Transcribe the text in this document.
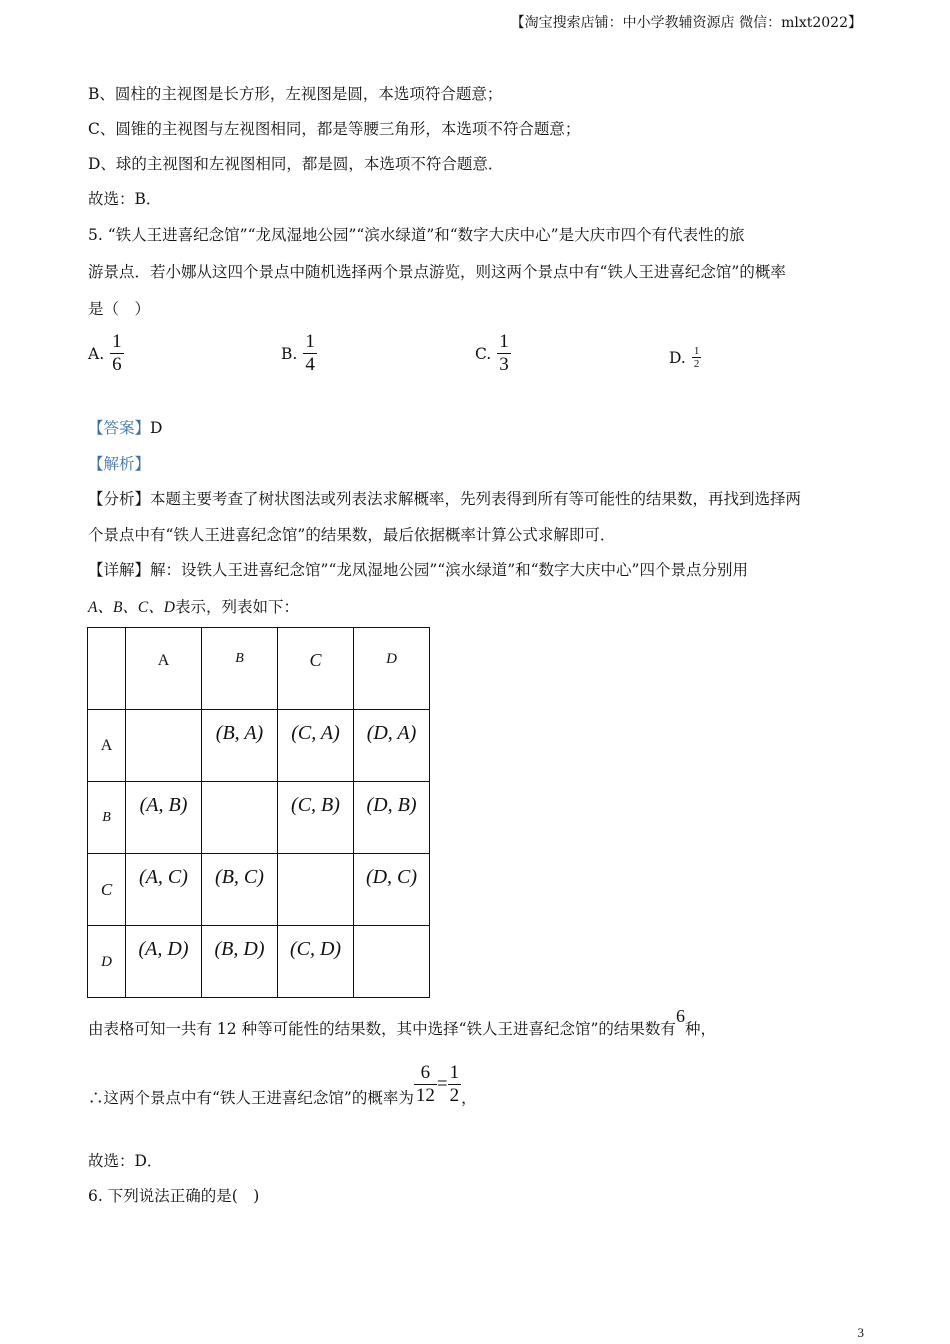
【淘宝搜索店铺：中小学教辅资源店 微信：mlxt2022】
B、圆柱的主视图是长方形，左视图是圆，本选项符合题意；
C、圆锥的主视图与左视图相同，都是等腰三角形，本选项不符合题意；
D、球的主视图和左视图相同，都是圆，本选项不符合题意．
故选：B．
5. “铁人王进喜纪念馆”“龙凤湿地公园”“滨水绿道”和“数字大庆中心”是大庆市四个有代表性的旅
游景点．若小娜从这四个景点中随机选择两个景点游览，则这两个景点中有“铁人王进喜纪念馆”的概率
是（　）
A. $\frac{1}{6}$	B. $\frac{1}{4}$	C. $\frac{1}{3}$	D. $\frac{1}{2}$
【答案】D
【解析】
【分析】本题主要考查了树状图法或列表法求解概率，先列表得到所有等可能性的结果数，再找到选择两
个景点中有“铁人王进喜纪念馆”的结果数，最后依据概率计算公式求解即可．
【详解】解：设铁人王进喜纪念馆”“龙凤湿地公园”“滨水绿道”和“数字大庆中心”四个景点分别用
A、B、C、D表示，列表如下：
	A	B	C	D
A		(B, A)	(C, A)	(D, A)
B	(A, B)		(C, B)	(D, B)
C	(A, C)	(B, C)		(D, C)
D	(A, D)	(B, D)	(C, D)	
由表格可知一共有 12 种等可能性的结果数，其中选择“铁人王进喜纪念馆”的结果数有6种，
∴这两个景点中有“铁人王进喜纪念馆”的概率为 $\frac{6}{12} = \frac{1}{2}$ ，
故选：D．
6. 下列说法正确的是(　)
3
